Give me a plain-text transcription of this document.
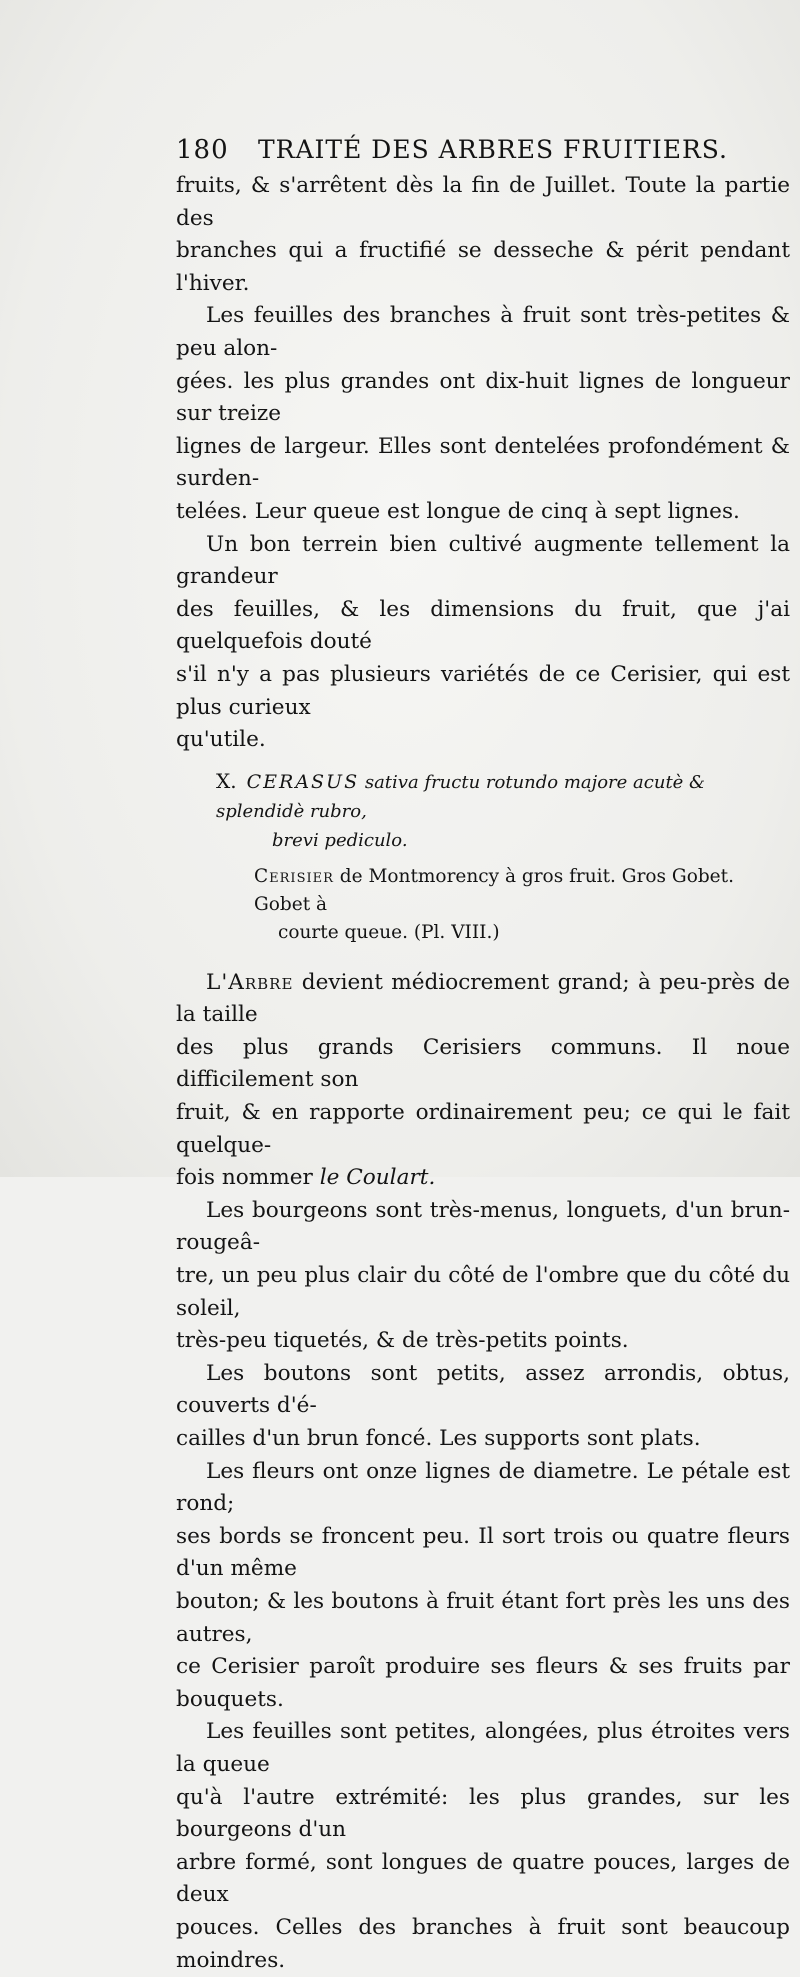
180 TRAITÉ DES ARBRES FRUITIERS.

fruits, & s'arrêtent dès la fin de Juillet. Toute la partie des
branches qui a fructifié se desseche & périt pendant l'hiver.

Les feuilles des branches à fruit sont très-petites & peu alon-
gées. les plus grandes ont dix-huit lignes de longueur sur treize
lignes de largeur. Elles sont dentelées profondément & surden-
telées. Leur queue est longue de cinq à sept lignes.

Un bon terrein bien cultivé augmente tellement la grandeur
des feuilles, & les dimensions du fruit, que j'ai quelquefois douté
s'il n'y a pas plusieurs variétés de ce Cerisier, qui est plus curieux
qu'utile.

X. CERASUS sativa fructu rotundo majore acutè & splendidè rubro,
brevi pediculo.
Cerisier de Montmorency à gros fruit. Gros Gobet. Gobet à
courte queue. (Pl. VIII.)

L'Arbre devient médiocrement grand; à peu-près de la taille
des plus grands Cerisiers communs. Il noue difficilement son
fruit, & en rapporte ordinairement peu; ce qui le fait quelque-
fois nommer le Coulart.

Les bourgeons sont très-menus, longuets, d'un brun-rougeâ-
tre, un peu plus clair du côté de l'ombre que du côté du soleil,
très-peu tiquetés, & de très-petits points.

Les boutons sont petits, assez arrondis, obtus, couverts d'é-
cailles d'un brun foncé. Les supports sont plats.

Les fleurs ont onze lignes de diametre. Le pétale est rond;
ses bords se froncent peu. Il sort trois ou quatre fleurs d'un même
bouton; & les boutons à fruit étant fort près les uns des autres,
ce Cerisier paroît produire ses fleurs & ses fruits par bouquets.

Les feuilles sont petites, alongées, plus étroites vers la queue
qu'à l'autre extrémité: les plus grandes, sur les bourgeons d'un
arbre formé, sont longues de quatre pouces, larges de deux
pouces. Celles des branches à fruit sont beaucoup moindres.
